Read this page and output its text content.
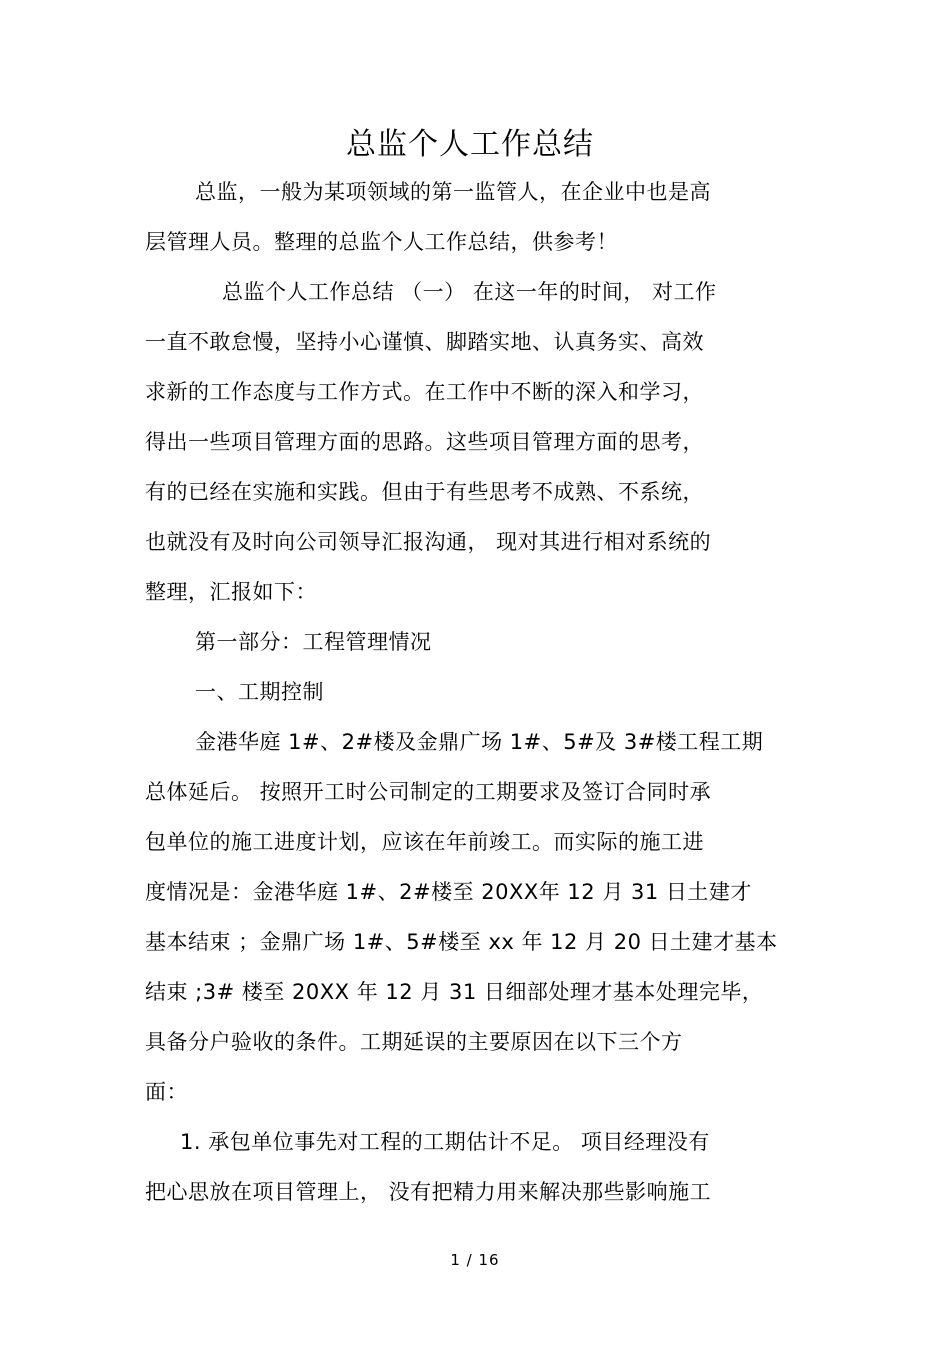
总监个人工作总结
总监，一般为某项领域的第一监管人，在企业中也是高
层管理人员。整理的总监个人工作总结，供参考！
总监个人工作总结 （一） 在这一年的时间， 对工作
一直不敢怠慢，坚持小心谨慎、脚踏实地、认真务实、高效
求新的工作态度与工作方式。在工作中不断的深入和学习，
得出一些项目管理方面的思路。这些项目管理方面的思考，
有的已经在实施和实践。但由于有些思考不成熟、不系统，
也就没有及时向公司领导汇报沟通， 现对其进行相对系统的
整理，汇报如下：
第一部分：工程管理情况
一、工期控制
金港华庭 1#、2#楼及金鼎广场 1#、5#及 3#楼工程工期
总体延后。 按照开工时公司制定的工期要求及签订合同时承
包单位的施工进度计划，应该在年前竣工。而实际的施工进
度情况是：金港华庭 1#、2#楼至 20XX年 12 月 31 日土建才
基本结束 ；金鼎广场 1#、5#楼至 xx 年 12 月 20 日土建才基本
结束 ;3# 楼至 20XX 年 12 月 31 日细部处理才基本处理完毕，
具备分户验收的条件。工期延误的主要原因在以下三个方
面：
1. 承包单位事先对工程的工期估计不足。 项目经理没有
把心思放在项目管理上， 没有把精力用来解决那些影响施工
1 / 16
